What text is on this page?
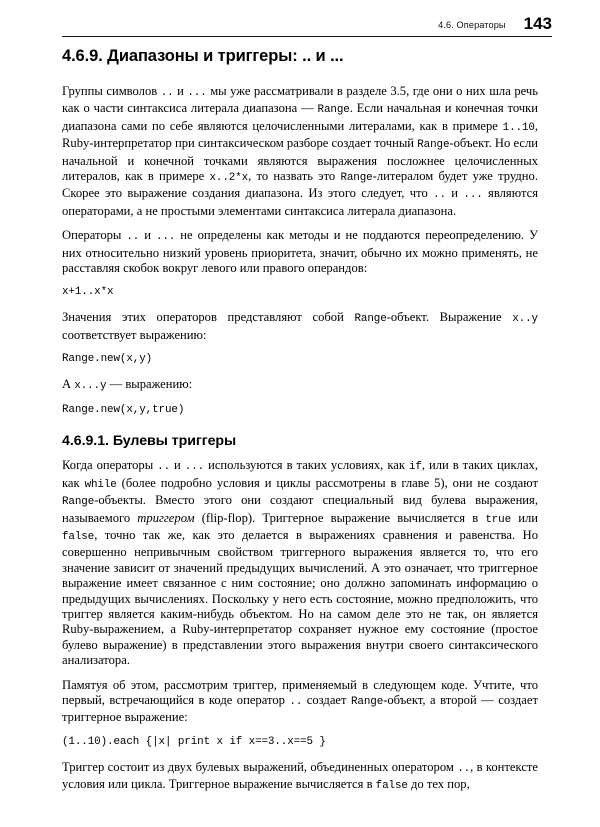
4.6. Операторы 143
4.6.9. Диапазоны и триггеры: .. и ...

Группы символов .. и ... мы уже рассматривали в разделе 3.5, где они о них шла речь как о части синтаксиса литерала диапазона — Range. Если начальная и конечная точки диапазона сами по себе являются целочисленными литералами, как в примере 1..10, Ruby-интерпретатор при синтаксическом разборе создает точный Range-объект. Но если начальной и конечной точками являются выражения посложнее целочисленных литералов, как в примере x..2*x, то назвать это Range-литералом будет уже трудно. Скорее это выражение создания диапазона. Из этого следует, что .. и ... являются операторами, а не простыми элементами синтаксиса литерала диапазона.

Операторы .. и ... не определены как методы и не поддаются переопределению. У них относительно низкий уровень приоритета, значит, обычно их можно применять, не расставляя скобок вокруг левого или правого операндов:

x+1..x*x

Значения этих операторов представляют собой Range-объект. Выражение x..y соответствует выражению:

Range.new(x,y)
А x...y — выражению:
Range.new(x,y,true)
4.6.9.1. Булевы триггеры

Когда операторы .. и ... используются в таких условиях, как if, или в таких циклах, как while (более подробно условия и циклы рассмотрены в главе 5), они не создают Range-объекты. Вместо этого они создают специальный вид булева выражения, называемого триггером (flip-flop). Триггерное выражение вычисляется в true или false, точно так же, как это делается в выражениях сравнения и равенства. Но совершенно непривычным свойством триггерного выражения является то, что его значение зависит от значений предыдущих вычислений. А это означает, что триггерное выражение имеет связанное с ним состояние; оно должно запоминать информацию о предыдущих вычислениях. Поскольку у него есть состояние, можно предположить, что триггер является каким-нибудь объектом. Но на самом деле это не так, он является Ruby-выражением, а Ruby-интерпретатор сохраняет нужное ему состояние (простое булево выражение) в представлении этого выражения внутри своего синтаксического анализатора.

Памятуя об этом, рассмотрим триггер, применяемый в следующем коде. Учтите, что первый, встречающийся в коде оператор .. создает Range-объект, а второй — создает триггерное выражение:

(1..10).each {|x| print x if x==3..x==5 }

Триггер состоит из двух булевых выражений, объединенных оператором .., в контексте условия или цикла. Триггерное выражение вычисляется в false до тех пор,
